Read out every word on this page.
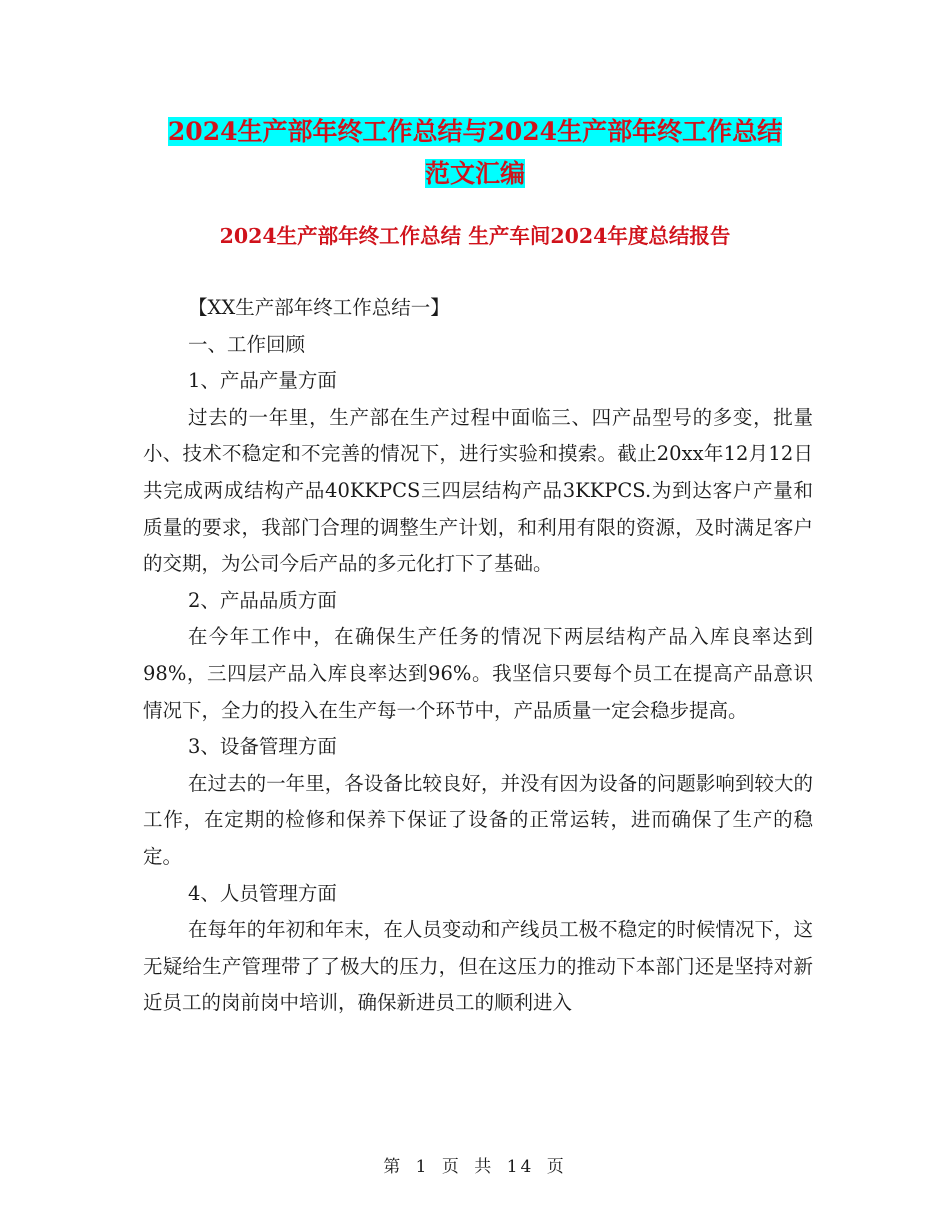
2024生产部年终工作总结与2024生产部年终工作总结
范文汇编
2024生产部年终工作总结 生产车间2024年度总结报告

【XX生产部年终工作总结一】

一、工作回顾

1、产品产量方面

过去的一年里，生产部在生产过程中面临三、四产品型号的多变，批量小、技术不稳定和不完善的情况下，进行实验和摸索。截止20xx年12月12日共完成两成结构产品40KKPCS三四层结构产品3KKPCS.为到达客户产量和质量的要求，我部门合理的调整生产计划，和利用有限的资源，及时满足客户的交期，为公司今后产品的多元化打下了基础。

2、产品品质方面

在今年工作中，在确保生产任务的情况下两层结构产品入库良率达到98%，三四层产品入库良率达到96%。我坚信只要每个员工在提高产品意识情况下，全力的投入在生产每一个环节中，产品质量一定会稳步提高。

3、设备管理方面

在过去的一年里，各设备比较良好，并没有因为设备的问题影响到较大的工作，在定期的检修和保养下保证了设备的正常运转，进而确保了生产的稳定。

4、人员管理方面

在每年的年初和年末，在人员变动和产线员工极不稳定的时候情况下，这无疑给生产管理带了了极大的压力，但在这压力的推动下本部门还是坚持对新近员工的岗前岗中培训，确保新进员工的顺利进入

第 1 页 共 14 页
